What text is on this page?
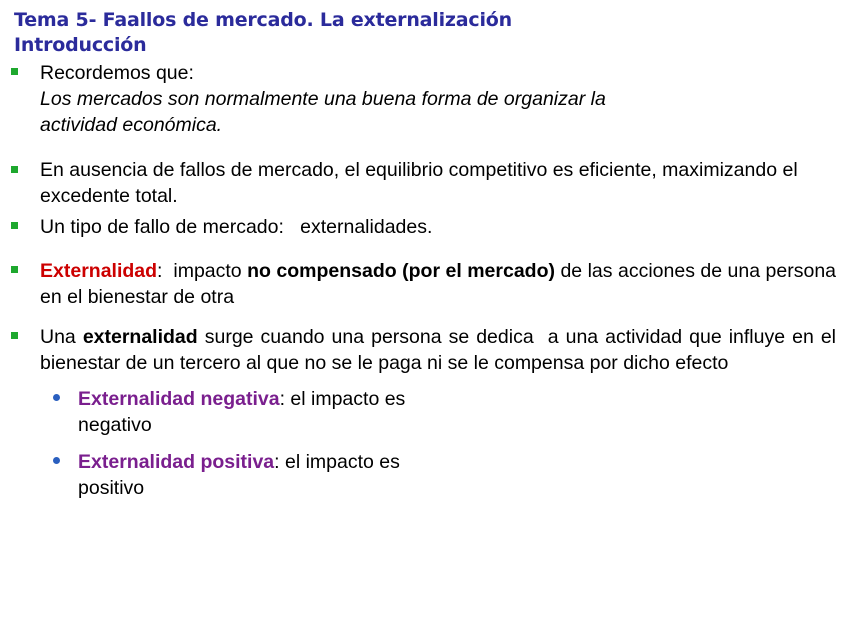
Tema 5- Faallos de mercado. La externalización
Introducción
Recordemos que:
Los mercados son normalmente una buena forma de organizar la actividad económica.
En ausencia de fallos de mercado, el equilibrio competitivo es eficiente, maximizando el excedente total.
Un tipo de fallo de mercado:   externalidades.
Externalidad:  impacto no compensado (por el mercado) de las acciones de una persona en el bienestar de otra
Una externalidad surge cuando una persona se dedica  a una actividad que influye en el bienestar de un tercero al que no se le paga ni se le compensa por dicho efecto
Externalidad negativa: el impacto es negativo
Externalidad positiva: el impacto es positivo
